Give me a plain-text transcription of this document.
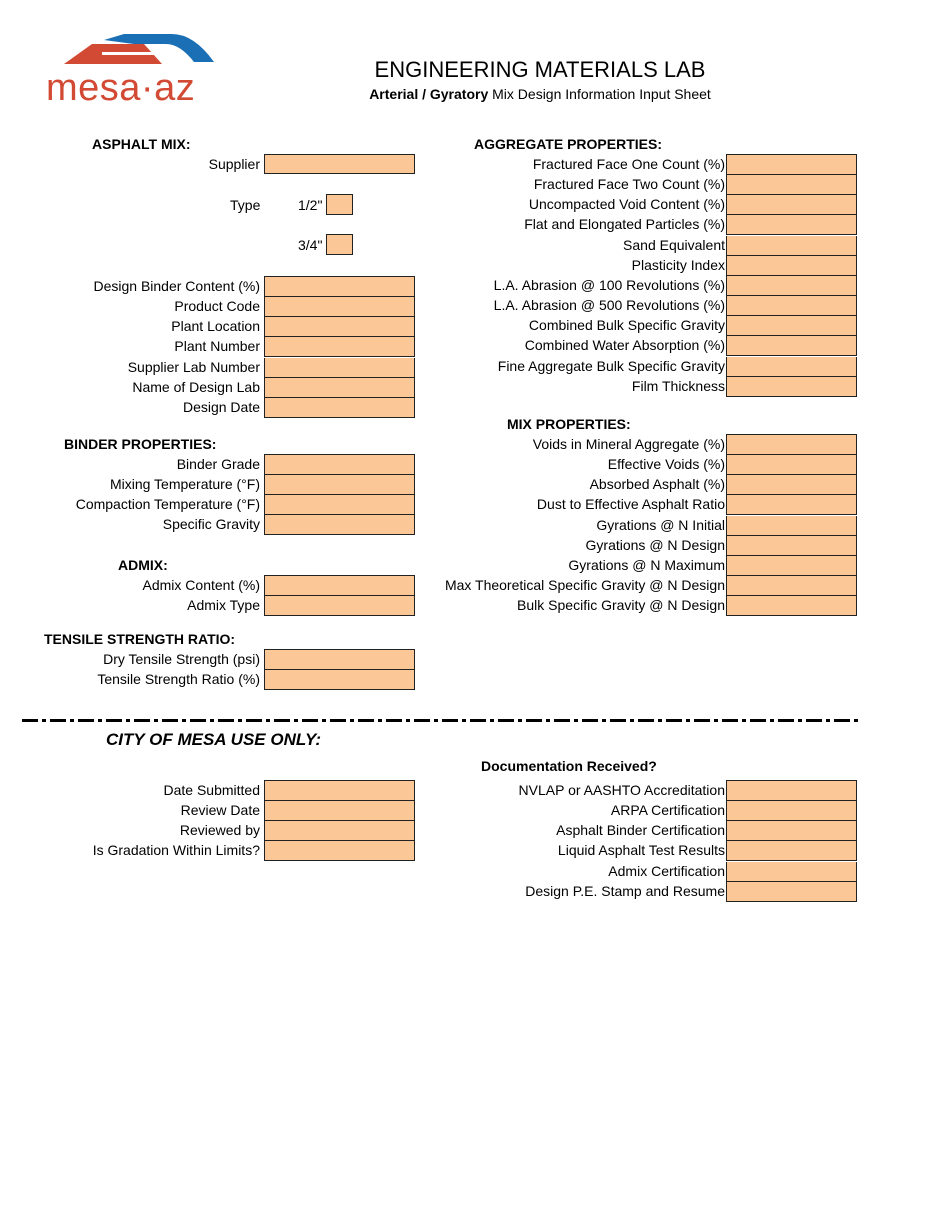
mesa·az	ENGINEERING MATERIALS LAB
Arterial / Gyratory Mix Design Information Input Sheet
ASPHALT MIX:
Supplier
Type	1/2"
3/4"
Design Binder Content (%)
Product Code
Plant Location
Plant Number
Supplier Lab Number
Name of Design Lab
Design Date
BINDER PROPERTIES:
Binder Grade
Mixing Temperature (°F)
Compaction Temperature (°F)
Specific Gravity
ADMIX:
Admix Content (%)
Admix Type
TENSILE STRENGTH RATIO:
Dry Tensile Strength (psi)
Tensile Strength Ratio (%)
AGGREGATE PROPERTIES:
Fractured Face One Count (%)
Fractured Face Two Count (%)
Uncompacted Void Content (%)
Flat and Elongated Particles (%)
Sand Equivalent
Plasticity Index
L.A. Abrasion @ 100 Revolutions (%)
L.A. Abrasion @ 500 Revolutions (%)
Combined Bulk Specific Gravity
Combined Water Absorption (%)
Fine Aggregate Bulk Specific Gravity
Film Thickness
MIX PROPERTIES:
Voids in Mineral Aggregate (%)
Effective Voids (%)
Absorbed Asphalt (%)
Dust to Effective Asphalt Ratio
Gyrations @ N Initial
Gyrations @ N Design
Gyrations @ N Maximum
Max Theoretical Specific Gravity @ N Design
Bulk Specific Gravity @ N Design
CITY OF MESA USE ONLY:
Date Submitted
Review Date
Reviewed by
Is Gradation Within Limits?
Documentation Received?
NVLAP or AASHTO Accreditation
ARPA Certification
Asphalt Binder Certification
Liquid Asphalt Test Results
Admix Certification
Design P.E. Stamp and Resume
